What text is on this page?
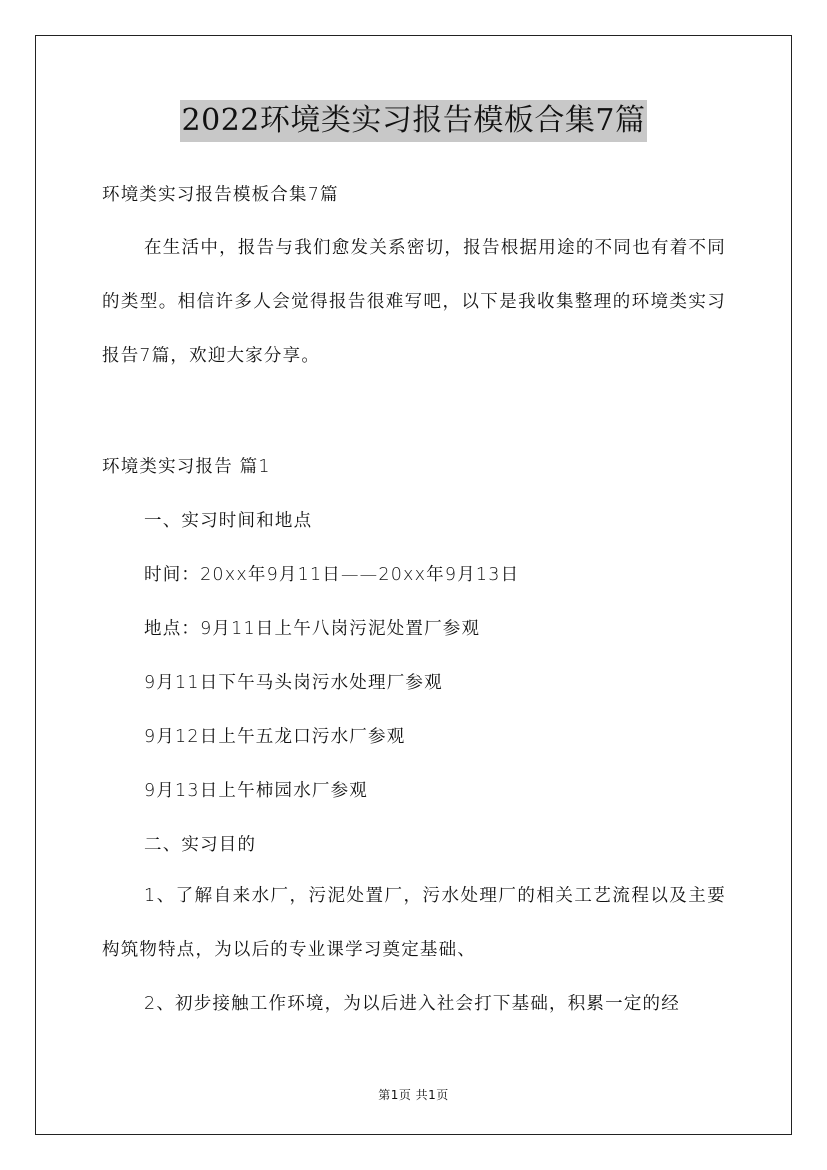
2022环境类实习报告模板合集7篇

环境类实习报告模板合集7篇

在生活中，报告与我们愈发关系密切，报告根据用途的不同也有着不同的类型。相信许多人会觉得报告很难写吧，以下是我收集整理的环境类实习报告7篇，欢迎大家分享。

环境类实习报告 篇1

一、实习时间和地点

时间：20xx年9月11日——20xx年9月13日

地点：9月11日上午八岗污泥处置厂参观

9月11日下午马头岗污水处理厂参观

9月12日上午五龙口污水厂参观

9月13日上午柿园水厂参观

二、实习目的

1、了解自来水厂，污泥处置厂，污水处理厂的相关工艺流程以及主要构筑物特点，为以后的专业课学习奠定基础、

2、初步接触工作环境，为以后进入社会打下基础，积累一定的经

第1页 共1页
